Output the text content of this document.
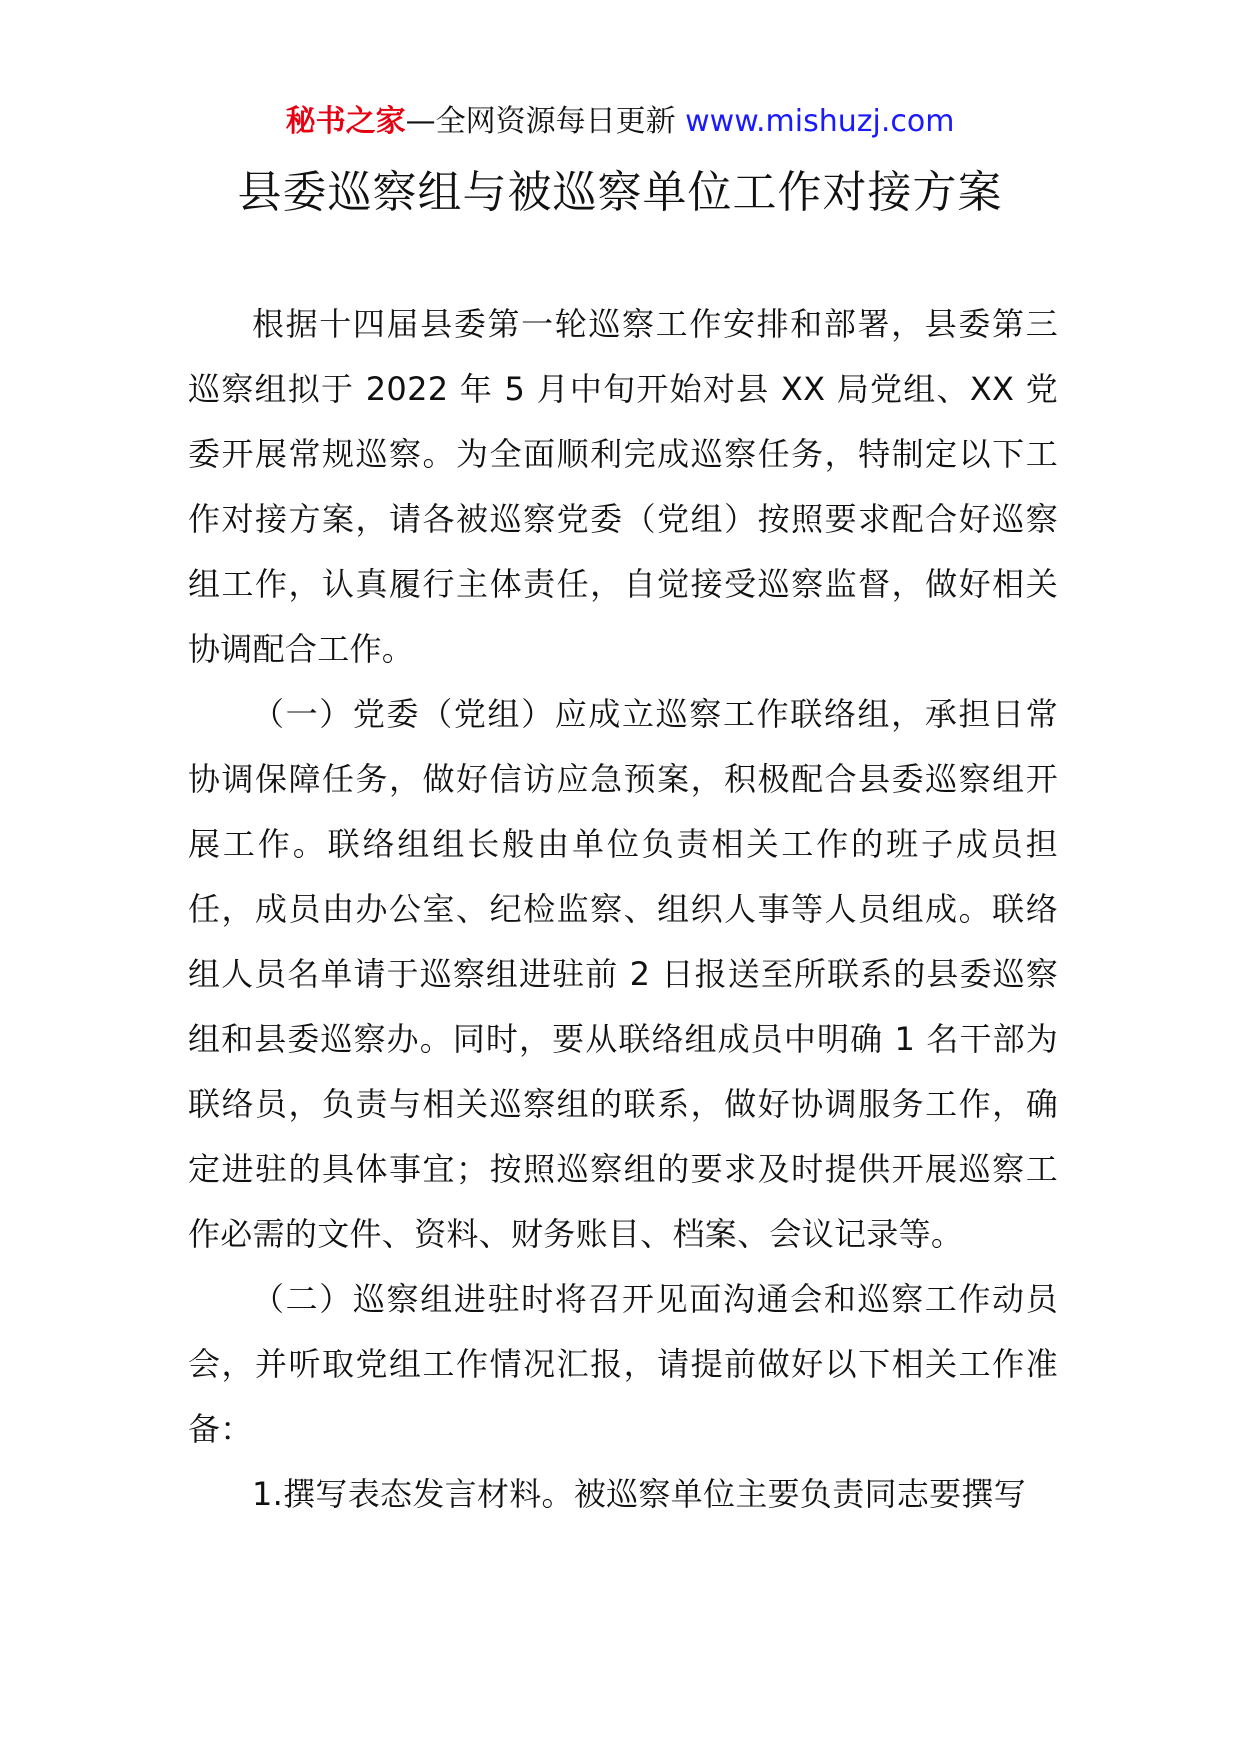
秘书之家—全网资源每日更新 www.mishuzj.com
县委巡察组与被巡察单位工作对接方案

根据十四届县委第一轮巡察工作安排和部署，县委第三巡察组拟于 2022 年 5 月中旬开始对县 XX 局党组、XX 党委开展常规巡察。为全面顺利完成巡察任务，特制定以下工作对接方案，请各被巡察党委（党组）按照要求配合好巡察组工作，认真履行主体责任，自觉接受巡察监督，做好相关协调配合工作。

（一）党委（党组）应成立巡察工作联络组，承担日常协调保障任务，做好信访应急预案，积极配合县委巡察组开展工作。联络组组长般由单位负责相关工作的班子成员担任，成员由办公室、纪检监察、组织人事等人员组成。联络组人员名单请于巡察组进驻前 2 日报送至所联系的县委巡察组和县委巡察办。同时，要从联络组成员中明确 1 名干部为联络员，负责与相关巡察组的联系，做好协调服务工作，确定进驻的具体事宜；按照巡察组的要求及时提供开展巡察工作必需的文件、资料、财务账目、档案、会议记录等。

（二）巡察组进驻时将召开见面沟通会和巡察工作动员会，并听取党组工作情况汇报，请提前做好以下相关工作准备：

1.撰写表态发言材料。被巡察单位主要负责同志要撰写
